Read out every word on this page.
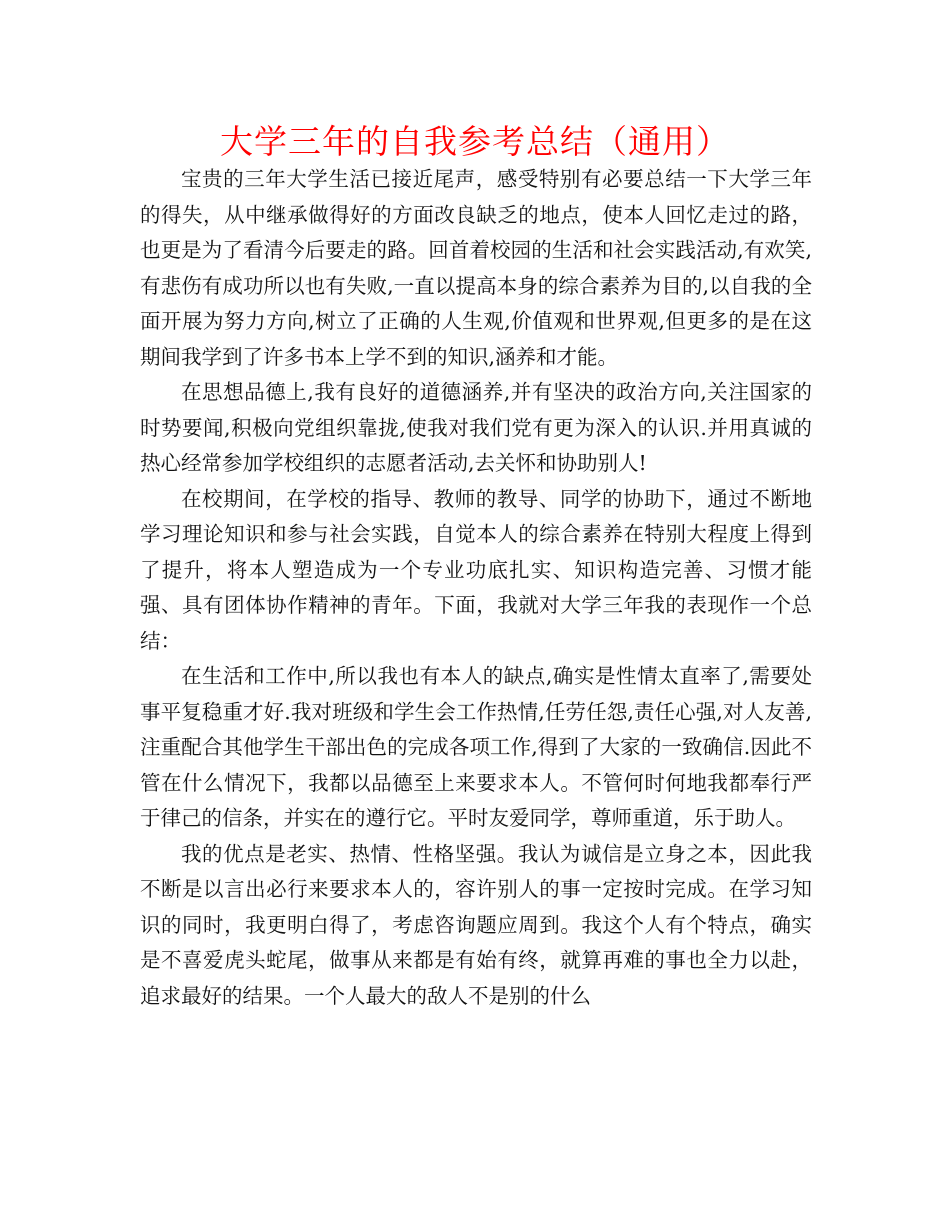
大学三年的自我参考总结（通用）

宝贵的三年大学生活已接近尾声，感受特别有必要总结一下大学三年的得失，从中继承做得好的方面改良缺乏的地点，使本人回忆走过的路，也更是为了看清今后要走的路。回首着校园的生活和社会实践活动,有欢笑,有悲伤有成功所以也有失败,一直以提高本身的综合素养为目的,以自我的全面开展为努力方向,树立了正确的人生观,价值观和世界观,但更多的是在这期间我学到了许多书本上学不到的知识,涵养和才能。

在思想品德上,我有良好的道德涵养,并有坚决的政治方向,关注国家的时势要闻,积极向党组织靠拢,使我对我们党有更为深入的认识.并用真诚的热心经常参加学校组织的志愿者活动,去关怀和协助别人!

在校期间，在学校的指导、教师的教导、同学的协助下，通过不断地学习理论知识和参与社会实践，自觉本人的综合素养在特别大程度上得到了提升，将本人塑造成为一个专业功底扎实、知识构造完善、习惯才能强、具有团体协作精神的青年。下面，我就对大学三年我的表现作一个总结：

在生活和工作中,所以我也有本人的缺点,确实是性情太直率了,需要处事平复稳重才好.我对班级和学生会工作热情,任劳任怨,责任心强,对人友善,注重配合其他学生干部出色的完成各项工作,得到了大家的一致确信.因此不管在什么情况下，我都以品德至上来要求本人。不管何时何地我都奉行严于律己的信条，并实在的遵行它。平时友爱同学，尊师重道，乐于助人。

我的优点是老实、热情、性格坚强。我认为诚信是立身之本，因此我不断是以言出必行来要求本人的，容许别人的事一定按时完成。在学习知识的同时，我更明白得了，考虑咨询题应周到。我这个人有个特点，确实是不喜爱虎头蛇尾，做事从来都是有始有终，就算再难的事也全力以赴，追求最好的结果。一个人最大的敌人不是别的什么
